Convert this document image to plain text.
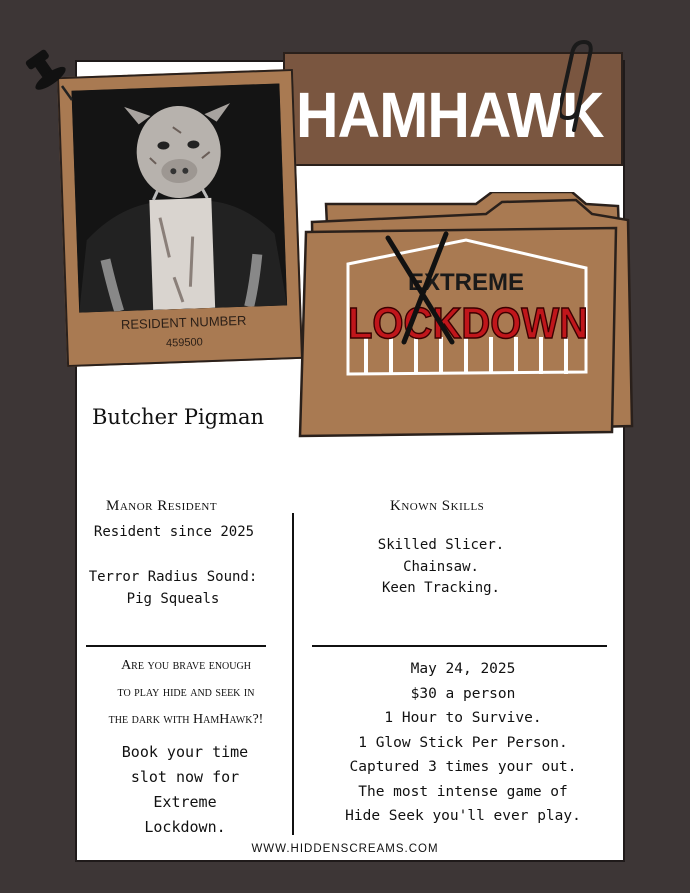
HAMHAWK
RESIDENT NUMBER
459500
EXTREME
LOCKDOWN
Butcher Pigman
Manor Resident
Resident since 2025
Terror Radius Sound:
Pig Squeals
Known Skills
Skilled Slicer.
Chainsaw.
Keen Tracking.
Are you brave enough
to play hide and seek in
the dark with HamHawk?!
Book your time
slot now for
Extreme
Lockdown.
May 24, 2025
$30 a person
1 Hour to Survive.
1 Glow Stick Per Person.
Captured 3 times your out.
The most intense game of
Hide Seek you'll ever play.
WWW.HIDDENSCREAMS.COM
